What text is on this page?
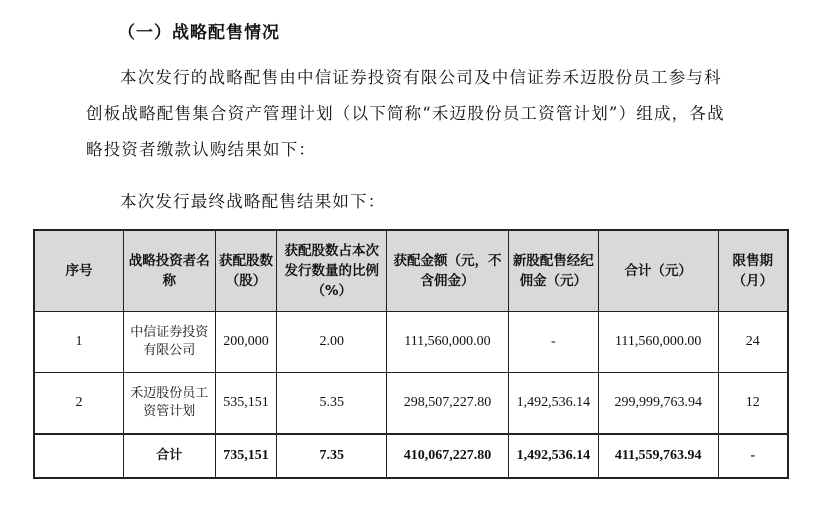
（一）战略配售情况
本次发行的战略配售由中信证券投资有限公司及中信证券禾迈股份员工参与科创板战略配售集合资产管理计划（以下简称“禾迈股份员工资管计划”）组成，各战略投资者缴款认购结果如下：
本次发行最终战略配售结果如下：
序号	战略投资者名称	获配股数（股）	获配股数占本次发行数量的比例（%）	获配金额（元，不含佣金）	新股配售经纪佣金（元）	合计（元）	限售期（月）
1	中信证券投资有限公司	200,000	2.00	111,560,000.00	-	111,560,000.00	24
2	禾迈股份员工资管计划	535,151	5.35	298,507,227.80	1,492,536.14	299,999,763.94	12
	合计	735,151	7.35	410,067,227.80	1,492,536.14	411,559,763.94	-
